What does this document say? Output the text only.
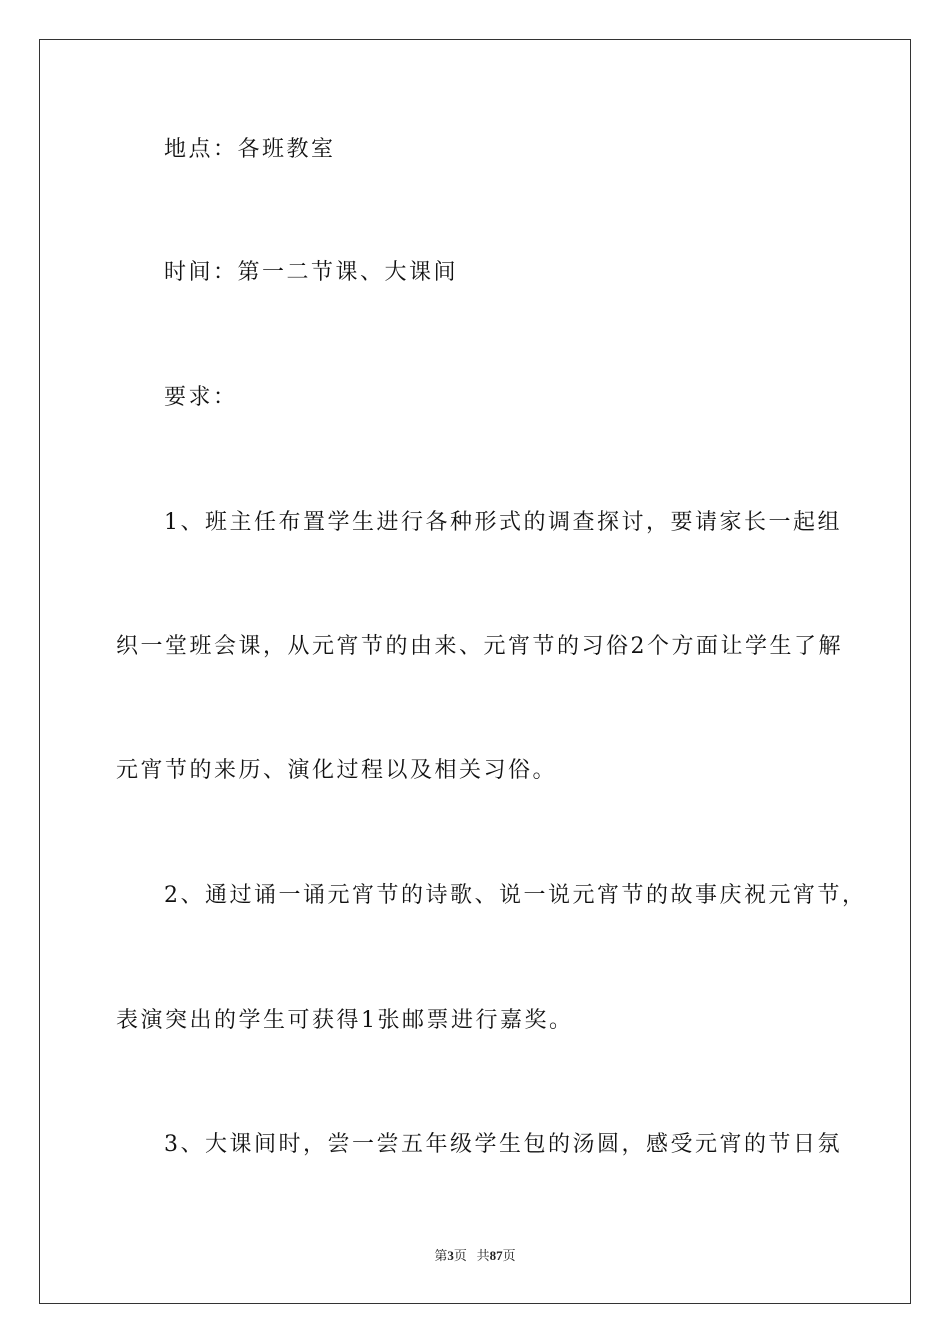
地点：各班教室
时间：第一二节课、大课间
要求：
1、班主任布置学生进行各种形式的调查探讨，要请家长一起组
织一堂班会课，从元宵节的由来、元宵节的习俗2个方面让学生了解
元宵节的来历、演化过程以及相关习俗。
2、通过诵一诵元宵节的诗歌、说一说元宵节的故事庆祝元宵节，
表演突出的学生可获得1张邮票进行嘉奖。
3、大课间时，尝一尝五年级学生包的汤圆，感受元宵的节日氛
第3页 共87页
